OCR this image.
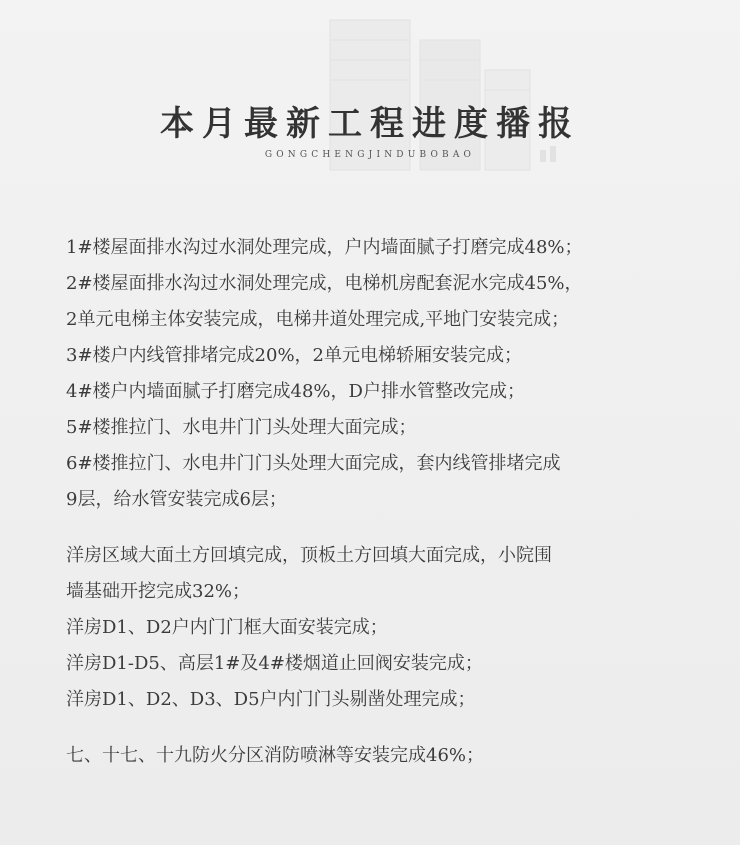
本月最新工程进度播报
GONGCHENGJINDUBOBAO

1#楼屋面排水沟过水洞处理完成，户内墙面腻子打磨完成48%；

2#楼屋面排水沟过水洞处理完成，电梯机房配套泥水完成45%，

2单元电梯主体安装完成，电梯井道处理完成,平地门安装完成；

3#楼户内线管排堵完成20%，2单元电梯轿厢安装完成；

4#楼户内墙面腻子打磨完成48%，D户排水管整改完成；

5#楼推拉门、水电井门门头处理大面完成；

6#楼推拉门、水电井门门头处理大面完成，套内线管排堵完成

9层，给水管安装完成6层；

洋房区域大面土方回填完成，顶板土方回填大面完成，小院围

墙基础开挖完成32%；

洋房D1、D2户内门门框大面安装完成；

洋房D1-D5、高层1#及4#楼烟道止回阀安装完成；

洋房D1、D2、D3、D5户内门门头剔凿处理完成；

七、十七、十九防火分区消防喷淋等安装完成46%；
